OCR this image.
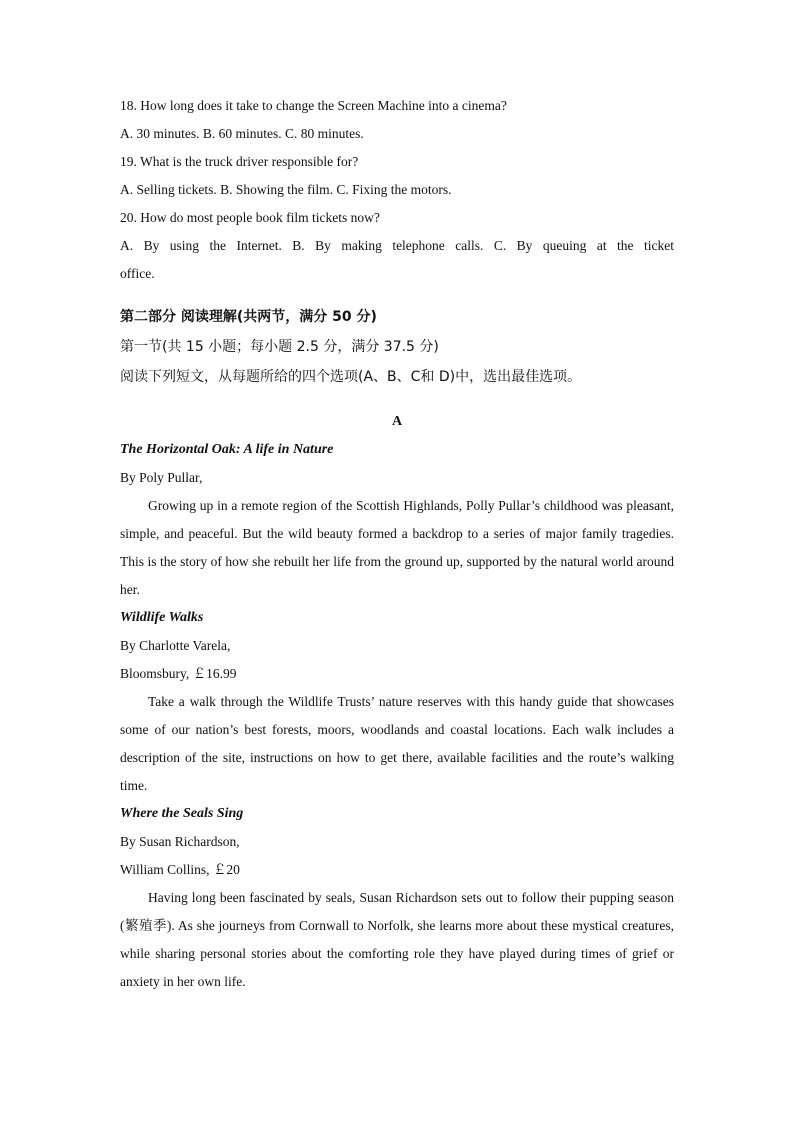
18. How long does it take to change the Screen Machine into a cinema?
A. 30 minutes. B. 60 minutes. C. 80 minutes.
19. What is the truck driver responsible for?
A. Selling tickets. B. Showing the film. C. Fixing the motors.
20. How do most people book film tickets now?
A. By using the Internet. B. By making telephone calls. C. By queuing at the ticket
office.
第二部分 阅读理解(共两节，满分 50 分)
第一节(共 15 小题；每小题 2.5 分，满分 37.5 分)
阅读下列短文，从每题所给的四个选项(A、B、C和 D)中，选出最佳选项。
A
The Horizontal Oak: A life in Nature
By Poly Pullar,
Growing up in a remote region of the Scottish Highlands, Polly Pullar’s childhood was pleasant, simple, and peaceful. But the wild beauty formed a backdrop to a series of major family tragedies. This is the story of how she rebuilt her life from the ground up, supported by the natural world around her.
Wildlife Walks
By Charlotte Varela,
Bloomsbury, ￡16.99
Take a walk through the Wildlife Trusts’ nature reserves with this handy guide that showcases some of our nation’s best forests, moors, woodlands and coastal locations. Each walk includes a description of the site, instructions on how to get there, available facilities and the route’s walking time.
Where the Seals Sing
By Susan Richardson,
William Collins, ￡20
Having long been fascinated by seals, Susan Richardson sets out to follow their pupping season (繁殖季). As she journeys from Cornwall to Norfolk, she learns more about these mystical creatures, while sharing personal stories about the comforting role they have played during times of grief or anxiety in her own life.
